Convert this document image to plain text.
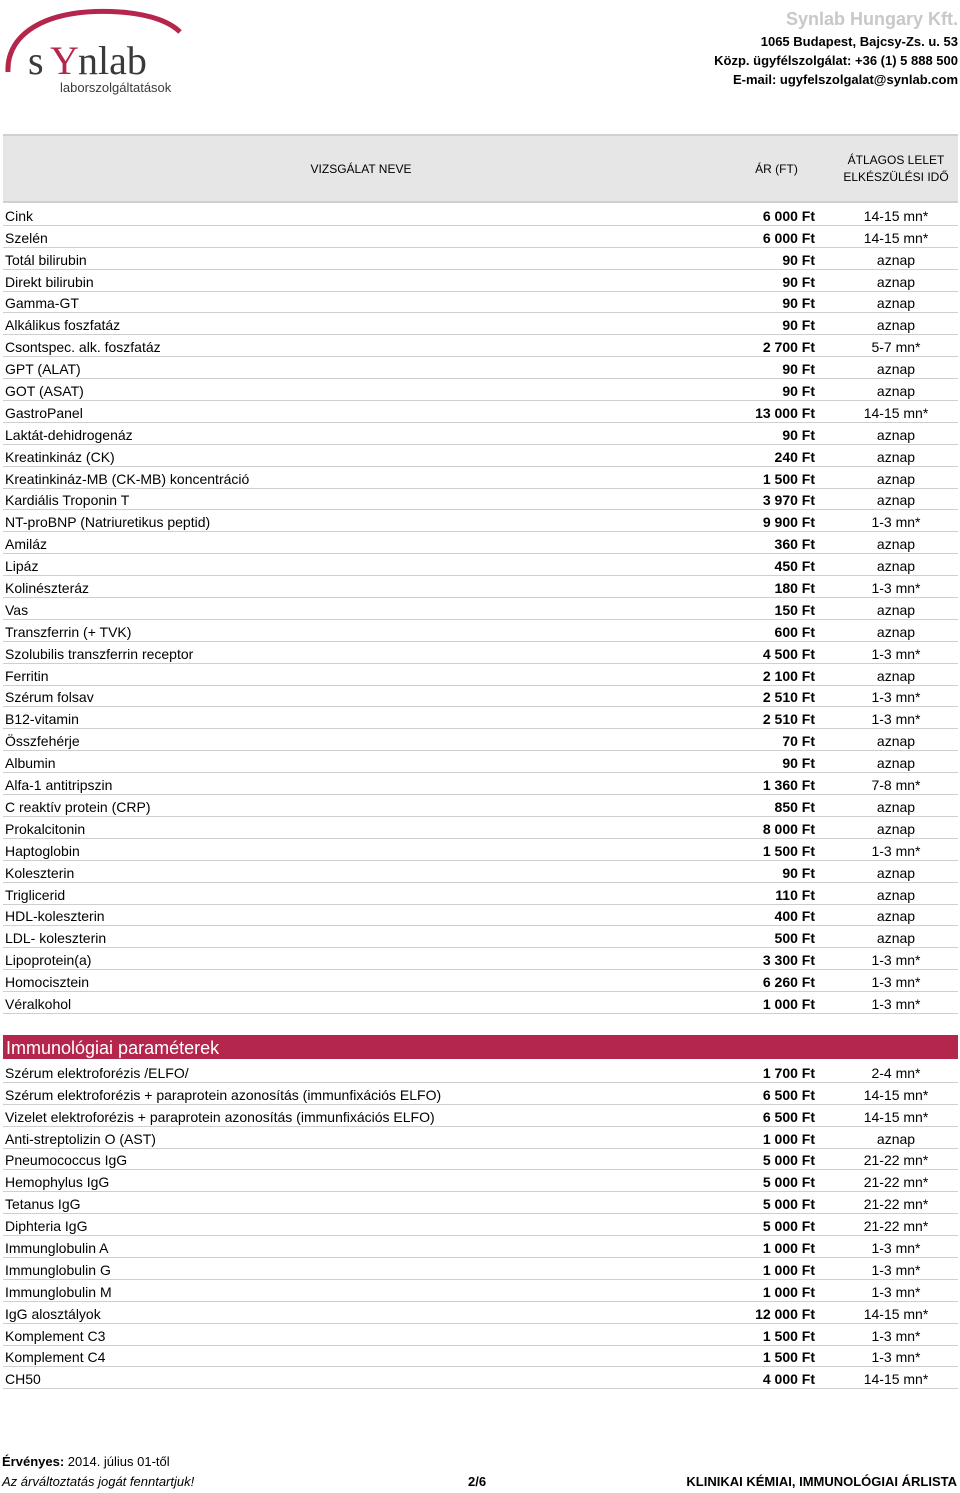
s Y nlab
laborszolgáltatások
Synlab Hungary Kft.
1065 Budapest, Bajcsy-Zs. u. 53
Közp. ügyfélszolgálat: +36 (1) 5 888 500
E-mail: ugyfelszolgalat@synlab.com
VIZSGÁLAT NEVE	ÁR (FT)
ÁTLAGOS LELET
ELKÉSZÜLÉSI IDŐ
Cink	6 000 Ft	14-15 mn*
Szelén	6 000 Ft	14-15 mn*
Totál bilirubin	90 Ft	aznap
Direkt bilirubin	90 Ft	aznap
Gamma-GT	90 Ft	aznap
Alkálikus foszfatáz	90 Ft	aznap
Csontspec. alk. foszfatáz	2 700 Ft	5-7 mn*
GPT (ALAT)	90 Ft	aznap
GOT (ASAT)	90 Ft	aznap
GastroPanel	13 000 Ft	14-15 mn*
Laktát-dehidrogenáz	90 Ft	aznap
Kreatinkináz (CK)	240 Ft	aznap
Kreatinkináz-MB (CK-MB) koncentráció	1 500 Ft	aznap
Kardiális Troponin T	3 970 Ft	aznap
NT-proBNP (Natriuretikus peptid)	9 900 Ft	1-3 mn*
Amiláz	360 Ft	aznap
Lipáz	450 Ft	aznap
Kolinészteráz	180 Ft	1-3 mn*
Vas	150 Ft	aznap
Transzferrin (+ TVK)	600 Ft	aznap
Szolubilis transzferrin receptor	4 500 Ft	1-3 mn*
Ferritin	2 100 Ft	aznap
Szérum folsav	2 510 Ft	1-3 mn*
B12-vitamin	2 510 Ft	1-3 mn*
Összfehérje	70 Ft	aznap
Albumin	90 Ft	aznap
Alfa-1 antitripszin	1 360 Ft	7-8 mn*
C reaktív protein (CRP)	850 Ft	aznap
Prokalcitonin	8 000 Ft	aznap
Haptoglobin	1 500 Ft	1-3 mn*
Koleszterin	90 Ft	aznap
Triglicerid	110 Ft	aznap
HDL-koleszterin	400 Ft	aznap
LDL- koleszterin	500 Ft	aznap
Lipoprotein(a)	3 300 Ft	1-3 mn*
Homocisztein	6 260 Ft	1-3 mn*
Véralkohol	1 000 Ft	1-3 mn*
Immunológiai paraméterek
Szérum elektroforézis /ELFO/	1 700 Ft	2-4 mn*
Szérum elektroforézis + paraprotein azonosítás (immunfixációs ELFO)	6 500 Ft	14-15 mn*
Vizelet elektroforézis + paraprotein azonosítás (immunfixációs ELFO)	6 500 Ft	14-15 mn*
Anti-streptolizin O (AST)	1 000 Ft	aznap
Pneumococcus IgG	5 000 Ft	21-22 mn*
Hemophylus IgG	5 000 Ft	21-22 mn*
Tetanus IgG	5 000 Ft	21-22 mn*
Diphteria IgG	5 000 Ft	21-22 mn*
Immunglobulin A	1 000 Ft	1-3 mn*
Immunglobulin G	1 000 Ft	1-3 mn*
Immunglobulin M	1 000 Ft	1-3 mn*
IgG alosztályok	12 000 Ft	14-15 mn*
Komplement C3	1 500 Ft	1-3 mn*
Komplement C4	1 500 Ft	1-3 mn*
CH50	4 000 Ft	14-15 mn*
Érvényes: 2014. július 01-től
Az árváltoztatás jogát fenntartjuk!	2/6	KLINIKAI KÉMIAI, IMMUNOLÓGIAI ÁRLISTA
